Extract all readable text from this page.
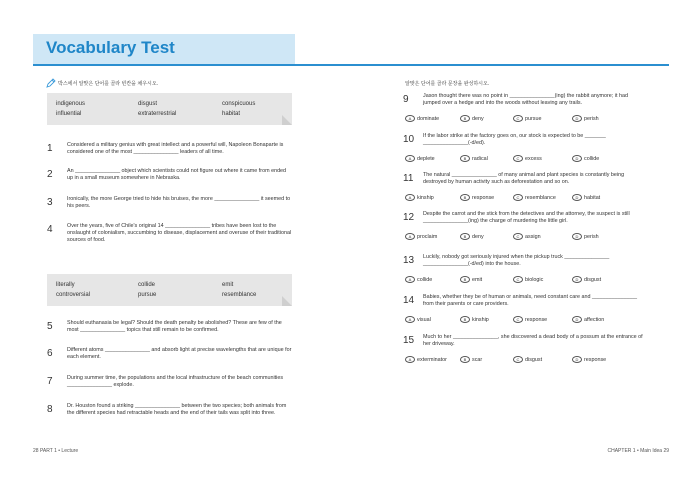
Vocabulary Test
박스에서 알맞은 단어를 골라 빈칸을 채우시오.
indigenous	disgust	conspicuous
influential	extraterrestrial	habitat
1	Considered a military genius with great intellect and a powerful will, Napoleon Bonaparte is considered one of the most _______________ leaders of all time.
2	An _______________ object which scientists could not figure out where it came from ended up in a small museum somewhere in Nebraska.
3	Ironically, the more George tried to hide his bruises, the more _______________ it seemed to his peers.
4	Over the years, five of Chile's original 14 _______________ tribes have been lost to the onslaught of colonialism, succumbing to disease, displacement and overuse of their traditional sources of food.
literally	collide	emit
controversial	pursue	resemblance
5	Should euthanasia be legal? Should the death penalty be abolished? These are few of the most _______________ topics that still remain to be confirmed.
6	Different atoms _______________ and absorb light at precise wavelengths that are unique for each element.
7	During summer time, the populations and the local infrastructure of the beach communities _______________ explode.
8	Dr. Houston found a striking _______________ between the two species; both animals from the different species had retractable heads and the end of their tails was split into three.
알맞은 단어를 골라 문장을 완성하시오.
9	Jason thought there was no point in _______________(ing) the rabbit anymore; it had jumped over a hedge and into the woods without leaving any trails.
A dominate	B deny	C pursue	D perish
10 If the labor strike at the factory goes on, our stock is expected to be _______ _______________(-d/ed).
A deplete	B radical	C excess	D collide
11 The natural _______________ of many animal and plant species is constantly being destroyed by human activity such as deforestation and so on.
A kinship	B response	C resemblance	D habitat
12 Despite the carrot and the stick from the detectives and the attorney, the suspect is still _______________(ing) the charge of murdering the little girl.
A proclaim	B deny	C assign	D perish
13 Luckily, nobody got seriously injured when the pickup truck _______________ _______________(-d/ed) into the house.
A collide	B emit	C biologic	D disgust
14 Babies, whether they be of human or animals, need constant care and _______________ from their parents or care providers.
A visual	B kinship	C response	D affection
15 Much to her _______________, she discovered a dead body of a possum at the entrance of her driveway.
A exterminator	B scar	C disgust	D response
28 PART 1 • Lecture	CHAPTER 1 • Main Idea 29
